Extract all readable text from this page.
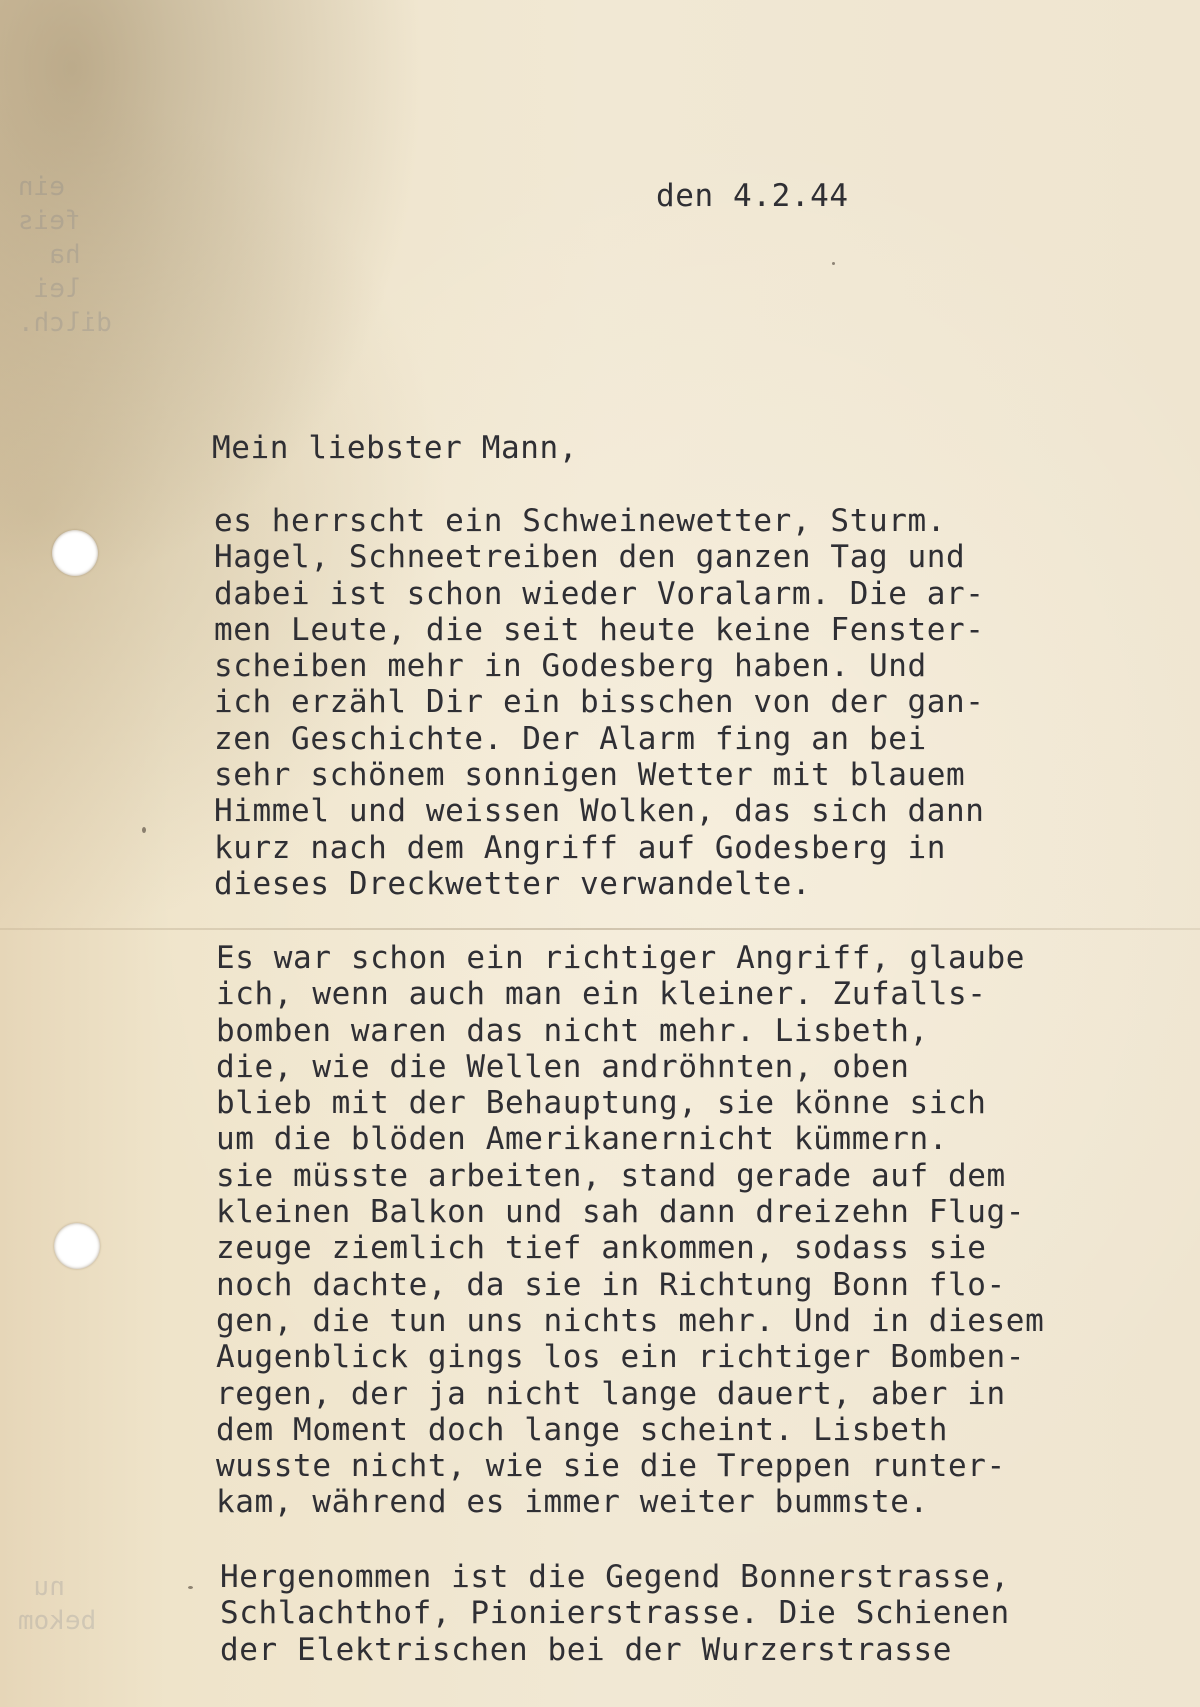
ein
feis
ha
lei
dilch.
nu
bekom
den 4.2.44
Mein liebster Mann,
es herrscht ein Schweinewetter, Sturm.
Hagel, Schneetreiben den ganzen Tag und
dabei ist schon wieder Voralarm. Die ar-
men Leute, die seit heute keine Fenster-
scheiben mehr in Godesberg haben. Und
ich erzähl Dir ein bisschen von der gan-
zen Geschichte. Der Alarm fing an bei
sehr schönem sonnigen Wetter mit blauem
Himmel und weissen Wolken, das sich dann
kurz nach dem Angriff auf Godesberg in
dieses Dreckwetter verwandelte.
Es war schon ein richtiger Angriff, glaube
ich, wenn auch man ein kleiner. Zufalls-
bomben waren das nicht mehr. Lisbeth,
die, wie die Wellen andröhnten, oben
blieb mit der Behauptung, sie könne sich
um die blöden Amerikanernicht kümmern.
sie müsste arbeiten, stand gerade auf dem
kleinen Balkon und sah dann dreizehn Flug-
zeuge ziemlich tief ankommen, sodass sie
noch dachte, da sie in Richtung Bonn flo-
gen, die tun uns nichts mehr. Und in diesem
Augenblick gings los ein richtiger Bomben-
regen, der ja nicht lange dauert, aber in
dem Moment doch lange scheint. Lisbeth
wusste nicht, wie sie die Treppen runter-
kam, während es immer weiter bummste.
Hergenommen ist die Gegend Bonnerstrasse,
Schlachthof, Pionierstrasse. Die Schienen
der Elektrischen bei der Wurzerstrasse
